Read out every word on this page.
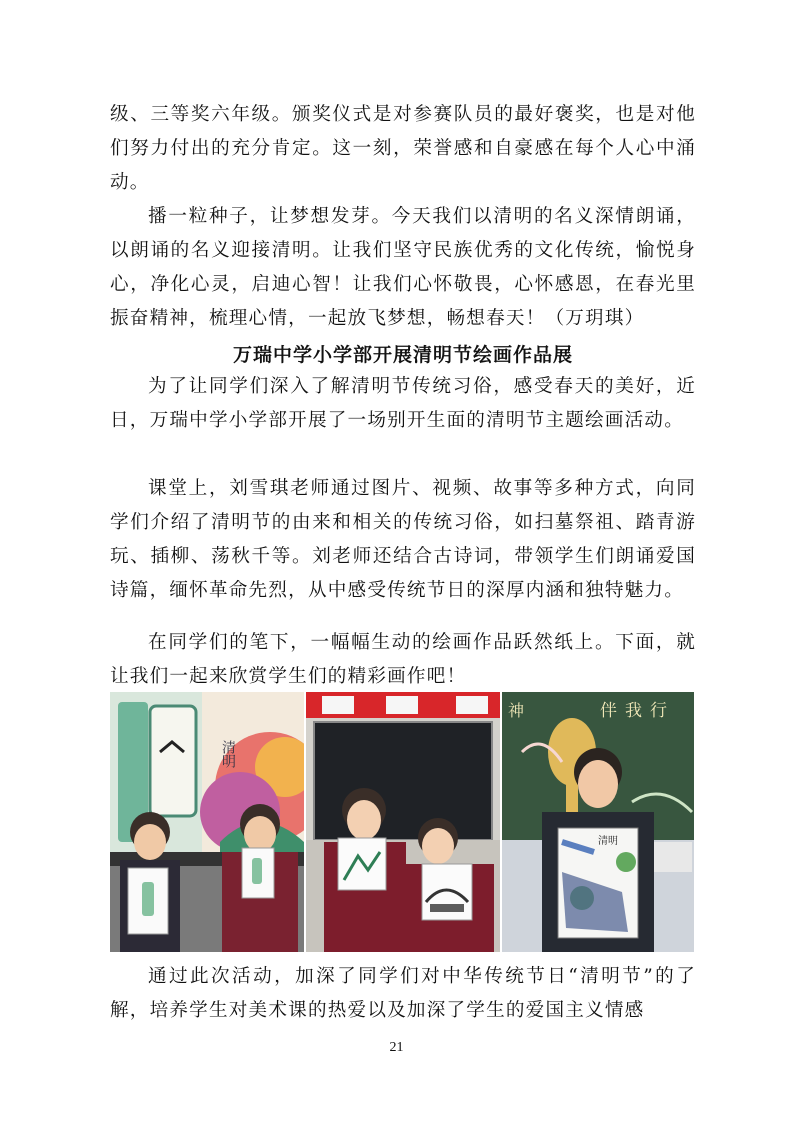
级、三等奖六年级。颁奖仪式是对参赛队员的最好褒奖，也是对他们努力付出的充分肯定。这一刻，荣誉感和自豪感在每个人心中涌动。

播一粒种子，让梦想发芽。今天我们以清明的名义深情朗诵，以朗诵的名义迎接清明。让我们坚守民族优秀的文化传统，愉悦身心，净化心灵，启迪心智！让我们心怀敬畏，心怀感恩，在春光里振奋精神，梳理心情，一起放飞梦想，畅想春天！（万玥琪）

万瑞中学小学部开展清明节绘画作品展

为了让同学们深入了解清明节传统习俗，感受春天的美好，近日，万瑞中学小学部开展了一场别开生面的清明节主题绘画活动。

课堂上，刘雪琪老师通过图片、视频、故事等多种方式，向同学们介绍了清明节的由来和相关的传统习俗，如扫墓祭祖、踏青游玩、插柳、荡秋千等。刘老师还结合古诗词，带领学生们朗诵爱国诗篇，缅怀革命先烈，从中感受传统节日的深厚内涵和独特魅力。

在同学们的笔下，一幅幅生动的绘画作品跃然纸上。下面，就让我们一起来欣赏学生们的精彩画作吧！

清明
神	伴我行
清明

通过此次活动，加深了同学们对中华传统节日“清明节”的了解，培养学生对美术课的热爱以及加深了学生的爱国主义情感

21
